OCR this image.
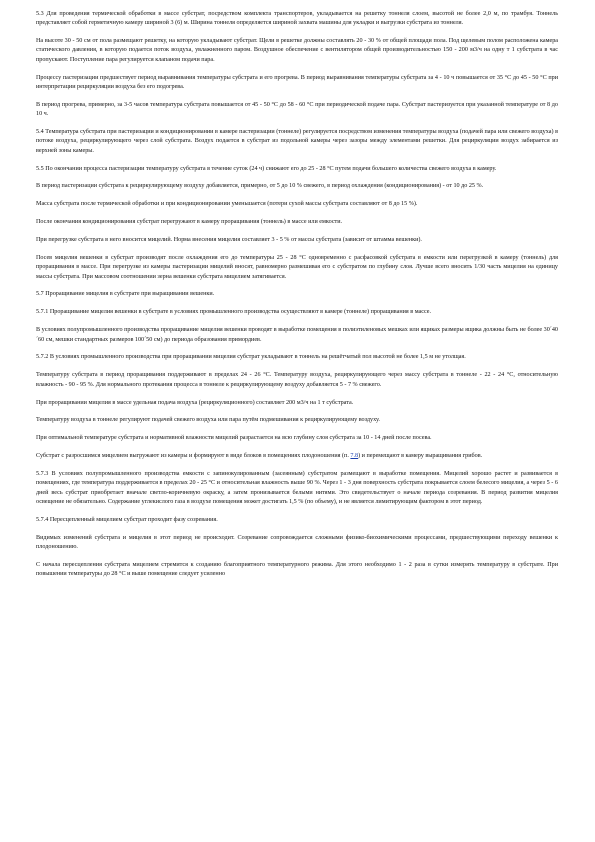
5.3 Для проведения термической обработки в массе субстрат, посредством комплекта транспортеров, укладывается на решетку тоннеля слоем, высотой не более 2,0 м, по трамбуя. Тоннель представляет собой герметичную камеру шириной 3 (6) м. Ширина тоннеля определяется шириной захвата машины для укладки и выгрузки субстрата из тоннеля.

На высоте 30 - 50 см от пола размещают решетку, на которую укладывают субстрат. Щели в решетке должны составлять 20 - 30 % от общей площади пола. Под щелевым полом расположена камера статического давления, в которую подается поток воздуха, увлажненного паром. Воздушное обеспечение с вентилятором общей производительностью 150 - 200 м3/ч на одну т 1 субстрата в час пропускают. Поступление пара регулируется клапаном подачи пара.

Процессу пастеризации предшествует период выравнивания температуры субстрата и его прогрева. В период выравнивания температуры субстрата за 4 - 10 ч повышается от 35 °С до 45 - 50 °С при интерпретации рециркуляции воздуха без его подогрева.

В период прогрева, примерно, за 3-5 часов температура субстрата повышается от 45 - 50 °С до 58 - 60 °С при периодической подаче пара. Субстрат пастеризуется при указанной температуре от 8 до 10 ч.

5.4 Температура субстрата при пастеризации и кондиционировании в камере пастеризации (тоннеле) регулируется посредством изменения температуры воздуха (подачей пара или свежего воздуха) в потоке воздуха, рециркулирующего через слой субстрата. Воздух подается в субстрат из подольной камеры через зазоры между элементами решетки. Для рециркуляции воздух забирается из верхней зоны камеры.

5.5 По окончании процесса пастеризации температуру субстрата в течение суток (24 ч) снижают его до 25 - 28 °С путем подачи большего количества свежего воздуха в камеру.

В период пастеризации субстрата к рециркулирующему воздуху добавляется, примерно, от 5 до 10 % свежего, в период охлаждения (кондиционирования) - от 10 до 25 %.

Масса субстрата после термической обработки и при кондиционировании уменьшается (потери сухой массы субстрата составляют от 8 до 15 %).

После окончания кондиционирования субстрат перегружают в камеру проращивания (тоннель) в массе или емкости.

При перегрузке субстрата в него вносится мицелий. Норма внесения мицелия составляет 3 - 5 % от массы субстрата (зависит от штамма вешенки).

Посев мицелия вешенки в субстрат производят после охлаждения его до температуры 25 - 28 °С одновременно с расфасовкой субстрата в емкости или перегрузкой в камеру (тоннель) для проращивания в массе. При перегрузке из камеры пастеризации мицелий вносят, равномерно размешивая его с субстратом по глубину слоя. Лучше всего вносить 1/30 часть мицелия на единицу массы субстрата. При массовом соотношении зерна вешенки субстрата мицелием затягивается.

5.7 Проращивание мицелия в субстрате при выращивании вешенки.

5.7.1 Проращивание мицелия вешенки в субстрате в условиях промышленного производства осуществляют в камере (тоннеле) проращивания в массе.

В условиях полупромышленного производства проращивание мицелия вешенки проводят в выработке помещения в полиэтиленовых мешках или ящиках размеры ящика должны быть не более 30´40´60 см, мешки стандартных размеров 100´50 см) до периода образования примордиев.

5.7.2 В условиях промышленного производства при проращивании мицелия субстрат укладывают в тоннель на решётчатый пол высотой не более 1,5 м не утолщая.

Температуру субстрата в период проращивания поддерживают в пределах 24 - 26 °С. Температуру воздуха, рециркулирующего через массу субстрата в тоннеле - 22 - 24 °С, относительную влажность - 90 - 95 %. Для нормального протекания процесса в тоннеле к рециркулирующему воздуху добавляется 5 - 7 % свежего.

При проращивании мицелия в массе удельная подача воздуха (рециркуляционного) составляет 200 м3/ч на 1 т субстрата.

Температуру воздуха в тоннеле регулируют подачей свежего воздуха или пара путём подмешивания к рециркулирующему воздуху.

При оптимальной температуре субстрата и нормативной влажности мицелий разрастается на всю глубину слоя субстрата за 10 - 14 дней после посева.

Субстрат с разросшимся мицелием выгружают из камеры и формируют в виде блоков в помещениях плодоношения (п. 7.8) и перемещают в камеру выращивания грибов.

5.7.3 В условиях полупромышленного производства емкости с запинокулированным (засеянным) субстратом размещают в выработке помещения. Мицелий хорошо растет и развивается в помещениях, где температура поддерживается в пределах 20 - 25 °С и относительная влажность выше 90 %. Через 1 - 3 дня поверхность субстрата покрывается слоем белесого мицелия, а через 5 - 6 дней весь субстрат приобретает вначале светло-коричневую окраску, а затем пронизывается белыми нитями. Это свидетельствует о начале периода созревания. В период развития мицелия освещение не обязательно. Содержание углекислого газа в воздухе помещения может достигать 1,5 % (по объему), и не является лимитирующим фактором в этот период.

5.7.4 Пересцепленный мицелием субстрат проходит фазу созревания.

Видимых изменений субстрата и мицелия в этот период не происходит. Созревание сопровождается сложными физико-биохимическими процессами, предшествующими переходу вешенки к плодоношению.

С начала пересцепления субстрата мицелием стремится к созданию благоприятного температурного режима. Для этого необходимо 1 - 2 раза в сутки измерять температуру в субстрате. При повышении температуры до 28 °С и выше помещение следует усиленно
